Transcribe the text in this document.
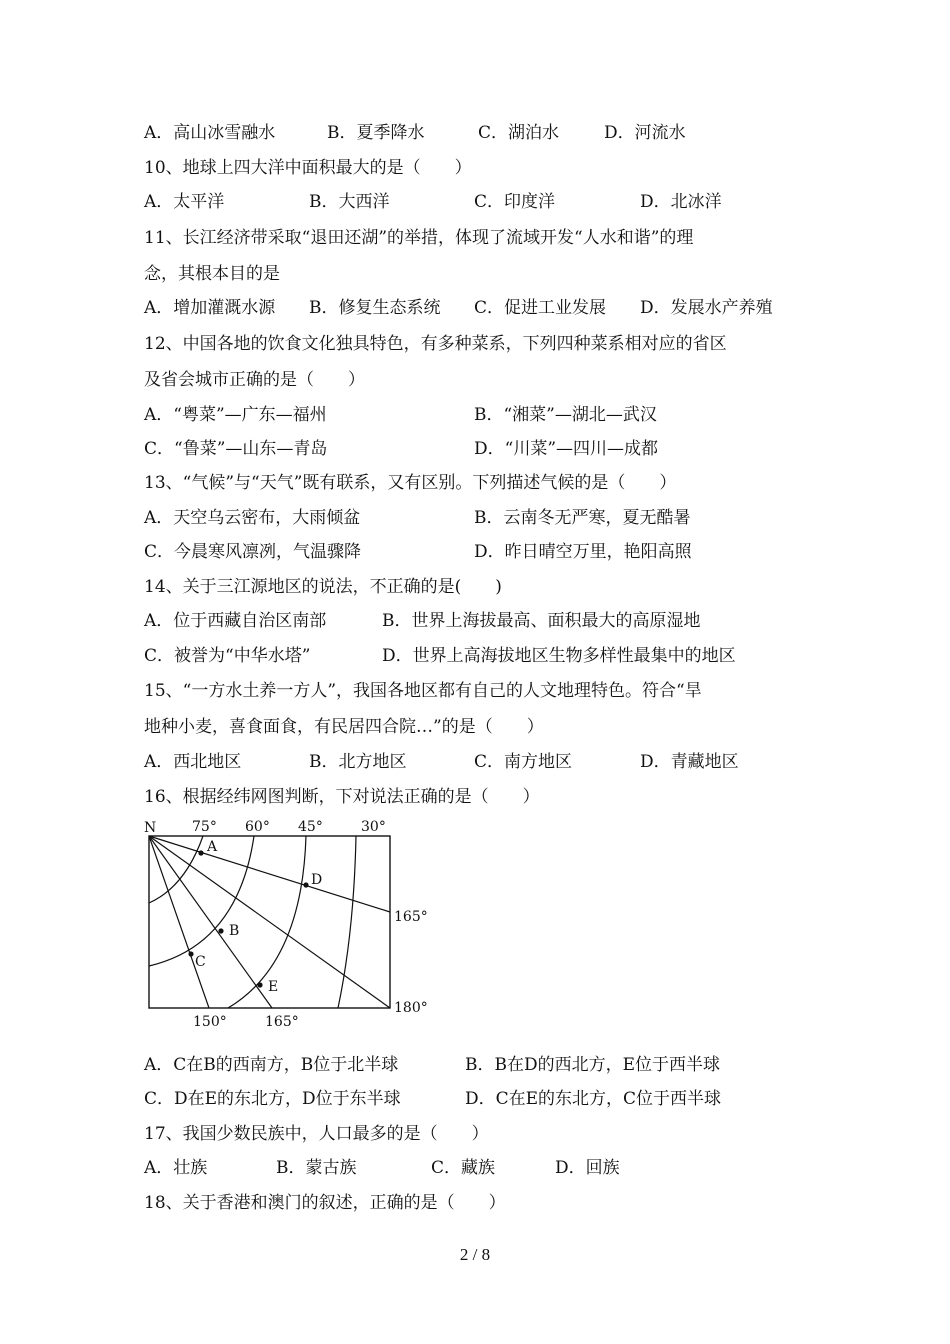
A．高山冰雪融水	B．夏季降水	C．湖泊水	D．河流水
10、地球上四大洋中面积最大的是（　　）
A．太平洋	B．大西洋	C．印度洋	D．北冰洋
11、长江经济带采取“退田还湖”的举措，体现了流域开发“人水和谐”的理
念，其根本目的是
A．增加灌溉水源 B．修复生态系统 C．促进工业发展 D．发展水产养殖
12、中国各地的饮食文化独具特色，有多种菜系，下列四种菜系相对应的省区
及省会城市正确的是（　　）
A．“粤菜”—广东—福州	B．“湘菜”—湖北—武汉
C．“鲁菜”—山东—青岛	D．“川菜”—四川—成都
13、“气候”与“天气”既有联系，又有区别。下列描述气候的是（　　）
A．天空乌云密布，大雨倾盆	B．云南冬无严寒，夏无酷暑
C．今晨寒风凛冽，气温骤降	D．昨日晴空万里，艳阳高照
14、关于三江源地区的说法，不正确的是(　　)
A．位于西藏自治区南部	B．世界上海拔最高、面积最大的高原湿地
C．被誉为“中华水塔”	D．世界上高海拔地区生物多样性最集中的地区
15、“一方水土养一方人”，我国各地区都有自己的人文地理特色。符合“旱
地种小麦，喜食面食，有民居四合院…”的是（　　）
A．西北地区	B．北方地区	C．南方地区	D．青藏地区
16、根据经纬网图判断，下对说法正确的是（　　）
N	75° 60° 45°	30°
165°
180°
150°	165°
A
B
C
D
E
A．C在B的西南方，B位于北半球	B．B在D的西北方，E位于西半球
C．D在E的东北方，D位于东半球	D．C在E的东北方，C位于西半球
17、我国少数民族中，人口最多的是（　　）
A．壮族	B．蒙古族	C．藏族	D．回族
18、关于香港和澳门的叙述，正确的是（　　）
2 / 8
